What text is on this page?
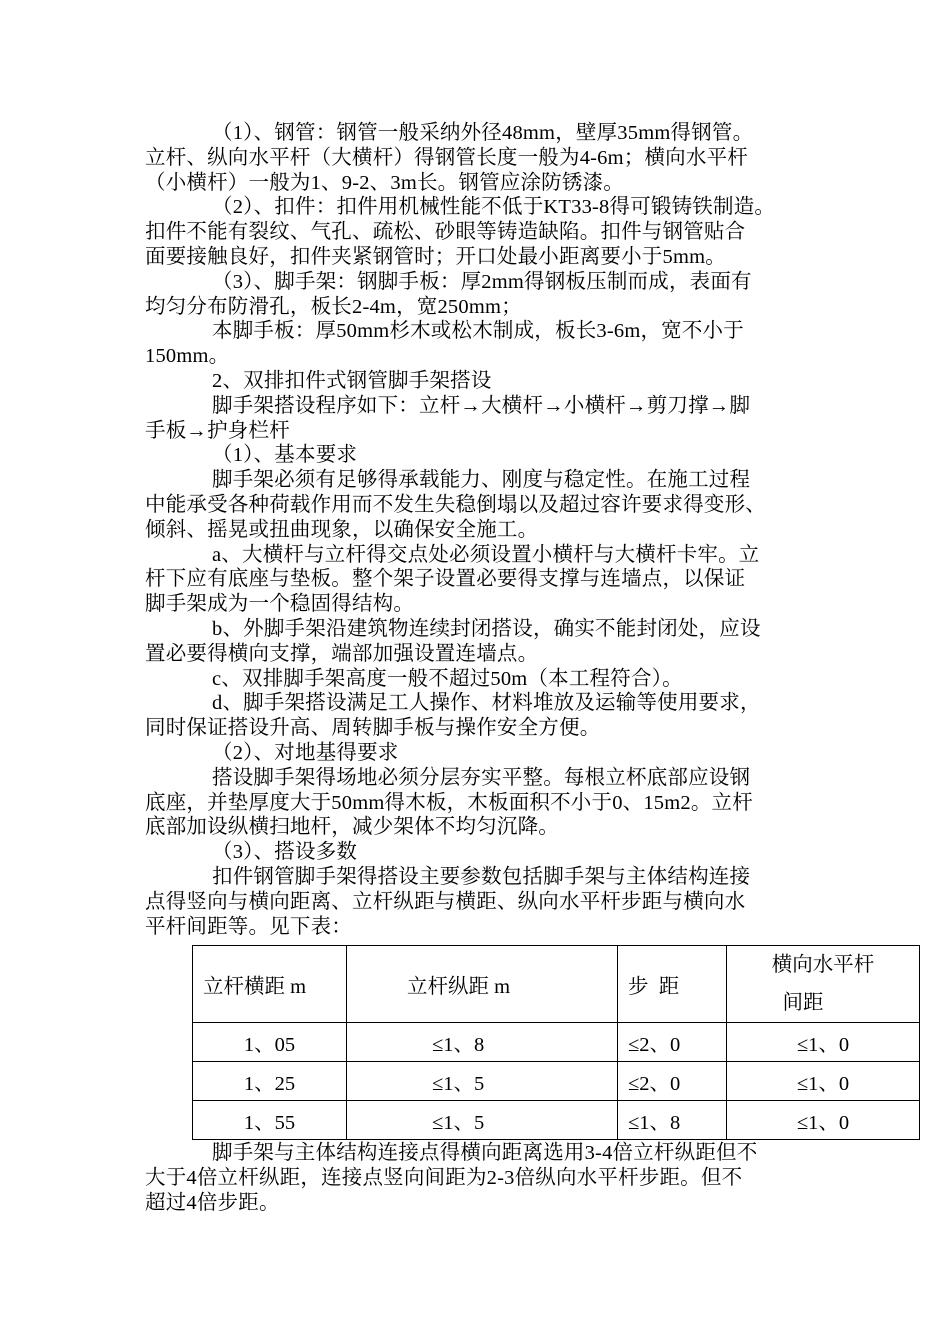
（1）、钢管：钢管一般采纳外径48mm，壁厚35mm得钢管。

立杆、纵向水平杆（大横杆）得钢管长度一般为4-6m；横向水平杆

（小横杆）一般为1、9-2、3m长。钢管应涂防锈漆。

（2）、扣件：扣件用机械性能不低于KT33-8得可锻铸铁制造。

扣件不能有裂纹、气孔、疏松、砂眼等铸造缺陷。扣件与钢管贴合

面要接触良好，扣件夹紧钢管时；开口处最小距离要小于5mm。

（3）、脚手架：钢脚手板：厚2mm得钢板压制而成，表面有

均匀分布防滑孔，板长2-4m，宽250mm；

本脚手板：厚50mm杉木或松木制成，板长3-6m，宽不小于

150mm。

2、双排扣件式钢管脚手架搭设

脚手架搭设程序如下：立杆→大横杆→小横杆→剪刀撑→脚

手板→护身栏杆

（1）、基本要求

脚手架必须有足够得承载能力、刚度与稳定性。在施工过程

中能承受各种荷载作用而不发生失稳倒塌以及超过容许要求得变形、

倾斜、摇晃或扭曲现象，以确保安全施工。

a、大横杆与立杆得交点处必须设置小横杆与大横杆卡牢。立

杆下应有底座与垫板。整个架子设置必要得支撑与连墙点，以保证

脚手架成为一个稳固得结构。

b、外脚手架沿建筑物连续封闭搭设，确实不能封闭处，应设

置必要得横向支撑，端部加强设置连墙点。

c、双排脚手架高度一般不超过50m（本工程符合）。

d、脚手架搭设满足工人操作、材料堆放及运输等使用要求，

同时保证搭设升高、周转脚手板与操作安全方便。

（2）、对地基得要求

搭设脚手架得场地必须分层夯实平整。每根立杯底部应设钢

底座，并垫厚度大于50mm得木板，木板面积不小于0、15m2。立杆

底部加设纵横扫地杆，减少架体不均匀沉降。

（3）、搭设多数

扣件钢管脚手架得搭设主要参数包括脚手架与主体结构连接

点得竖向与横向距离、立杆纵距与横距、纵向水平杆步距与横向水

平杆间距等。见下表：

立杆横距 m	立杆纵距 m	步  距	横向水平杆
间距

1、05	≤1、8	≤2、0	≤1、0
1、25	≤1、5	≤2、0	≤1、0
1、55	≤1、5	≤1、8	≤1、0

脚手架与主体结构连接点得横向距离选用3-4倍立杆纵距但不

大于4倍立杆纵距，连接点竖向间距为2-3倍纵向水平杆步距。但不

超过4倍步距。
